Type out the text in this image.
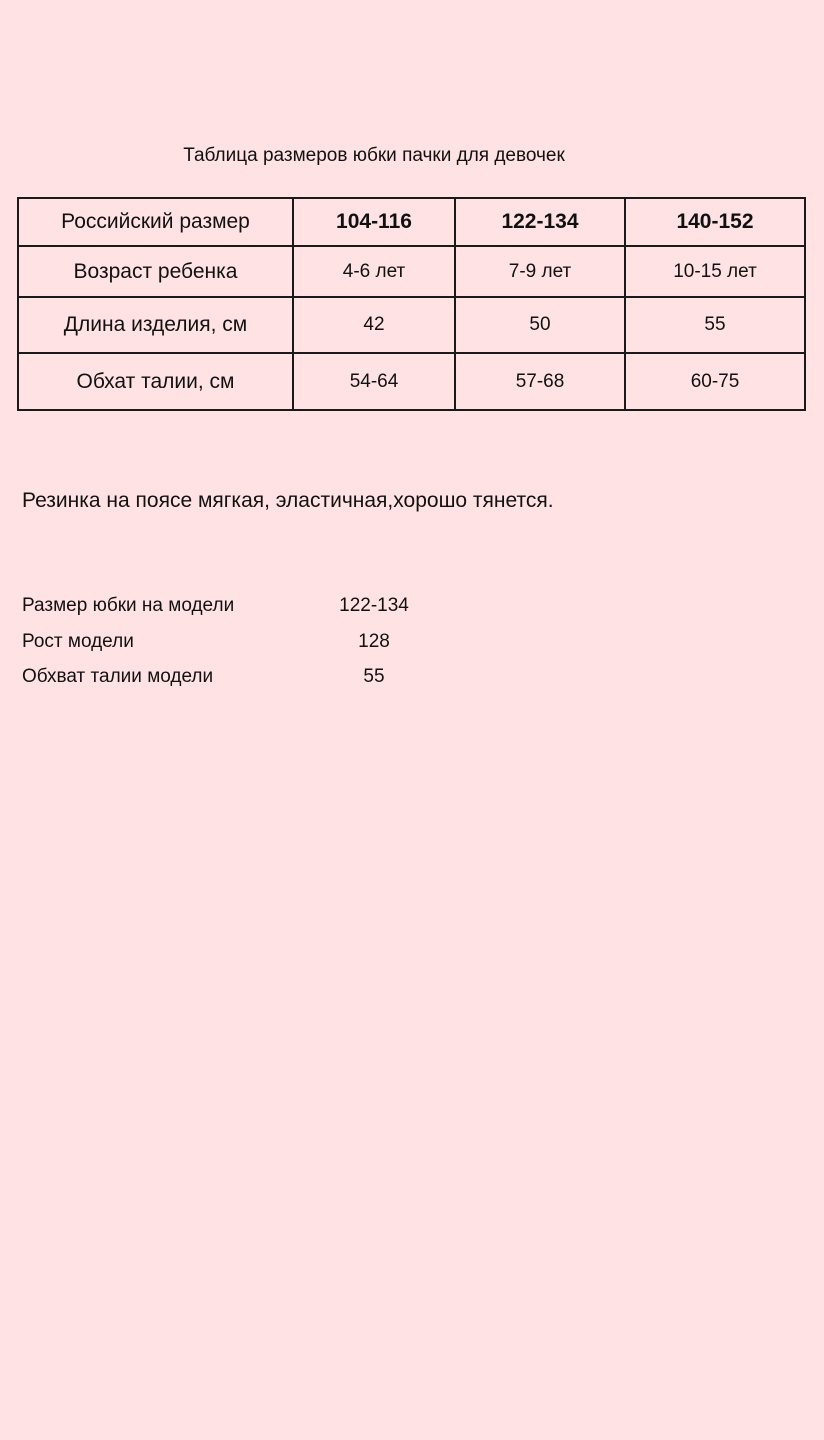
Таблица размеров юбки пачки для девочек
Российский размер	104-116	122-134	140-152
Возраст ребенка	4-6 лет	7-9 лет	10-15 лет
Длина изделия, см	42	50	55
Обхат талии, см	54-64	57-68	60-75
Резинка на поясе мягкая, эластичная,хорошо тянется.
Размер юбки на модели	122-134
Рост модели	128
Обхват талии модели	55
